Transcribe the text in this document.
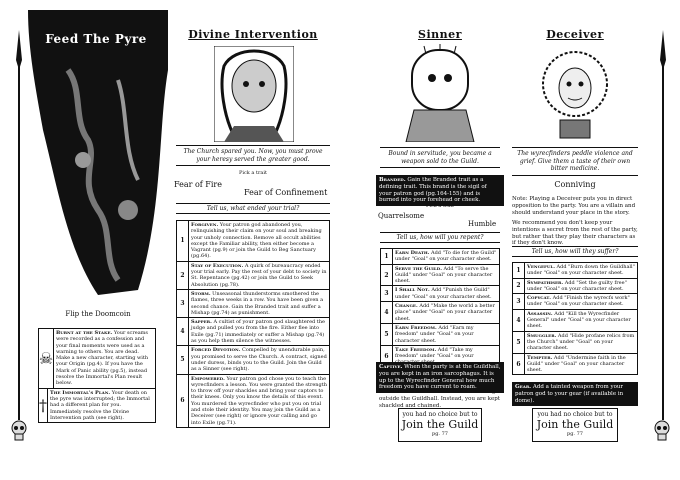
Feed The Pyre
Flip the Doomcoin
☠
Burnt at the Stake. Your screams were recorded as a confession and your final moments were used as a warning to others. You are dead. Make a new character, starting with your Origin (pg.4). If you have the Mark of Panic ability (pg.5), instead resolve the Immortal's Plan result below.
†
The Immortal's Plan. Your death on the pyre was interrupted; the Immortal had a different plan for you. Immediately resolve the Divine Intervention path (see right).
Divine Intervention
The Church spared you. Now, you must prove your heresy served the greater good.
Pick a trait
Fear of Fire
Fear of Confinement
Tell us, what ended your trial?
1
Forgiven. Your patron god abandoned you, relinquishing their claim on your soul and breaking your unholy connection. Remove all occult abilities except the Familiar ability, then either become a Vagrant (pg.9) or join the Guild to Beg Sanctuary (pg.64).
2
Stay of Execution. A quirk of bureaucracy ended your trial early. Pay the rest of your debt to society in St. Repentance (pg.42) or join the Guild to Seek Absolution (pg.78).
3
Storm. Unseasonal thunderstorms smothered the flames, three weeks in a row. You have been given a second chance. Gain the Branded trait and suffer a Mishap (pg.74) as punishment.
4
Sapper. A cultist of your patron god slaughtered the judge and pulled you from the fire. Either flee into Exile (pg.71) immediately or suffer a Mishap (pg.74) as you help them silence the witnesses.
5
Forced Devotion. Compelled by unendurable pain, you promised to serve the Church. A contract, signed under duress, binds you to the Guild. Join the Guild as a Sinner (see right).
6
Empowered. Your patron god chose you to teach the wyrecfinders a lesson. You were granted the strength to throw off your shackles and bring your captors to their knees. Only you know the details of this event. You murdered the wyrecfinder who put you on trial and stole their identity. You may join the Guild as a Deceiver (see right) or ignore your calling and go into Exile (pg.71).
Sinner
Bound in servitude, you became a weapon sold to the Guild.
Branded. Gain the Branded trait as a defining trait. This brand is the sigil of your patron god (pg.164-155) and is burned into your forehead or cheek.
Pick a trait
Quarrelsome
Humble
Tell us, how will you repent?
1	Earn Death. Add "To die for the Guild" under "Goal" on your character sheet.
2
Serve the Guild. Add "To serve the Guild" under "Goal" on your character sheet.
3	I Shall Not. Add "Punish the Guild" under "Goal" on your character sheet.
4
Change. Add "Make the world a better place" under "Goal" on your character sheet.
5
Earn Freedom. Add "Earn my freedom" under "Goal" on your character sheet.
6
Take Freedom. Add "Take my freedom" under "Goal" on your
Captive. When the party is at the Guildhall, you are kept in an iron sarcophagus. It is up to the Wyrecfinder General how much freedom you have current to roam.
Note: This is not the case while travelling outside the Guildhall. Instead, you are kept shackled and chained.
you had no choice but to
Join the Guild
pg. 77
Deceiver
The wyrecfinders peddle violence and grief. Give them a taste of their own bitter medicine.
Conniving
Note: Playing a Deceiver puts you in direct opposition to the party. You are a villain and should understand your place in the story.
We recommend you don't keep your intentions a secret from the rest of the party, but rather that they play their characters as if they don't know.
Tell us, how will they suffer?
1	Vengeful. Add "Burn down the Guildhall" under "Goal" on your character sheet.
2	Sympathiser. Add "Set the guilty free" under "Goal" on your character sheet.
3	Copycat. Add "Finish the wyrecfs work" under "Goal" on your character sheet.
4
Assassin. Add "Kill the Wyrecfinder General" under "Goal" on your character sheet.
5
Smuggler. Add "Hide profane relics from the Church" under "Goal" on your character sheet.
6
Tempter. Add "Undermine faith in the Guild" under "Goal" on your character sheet.
Gear. Add a tainted weapon from your patron god to your gear (if available in dome).
you had no choice but to
Join the Guild
pg. 77
